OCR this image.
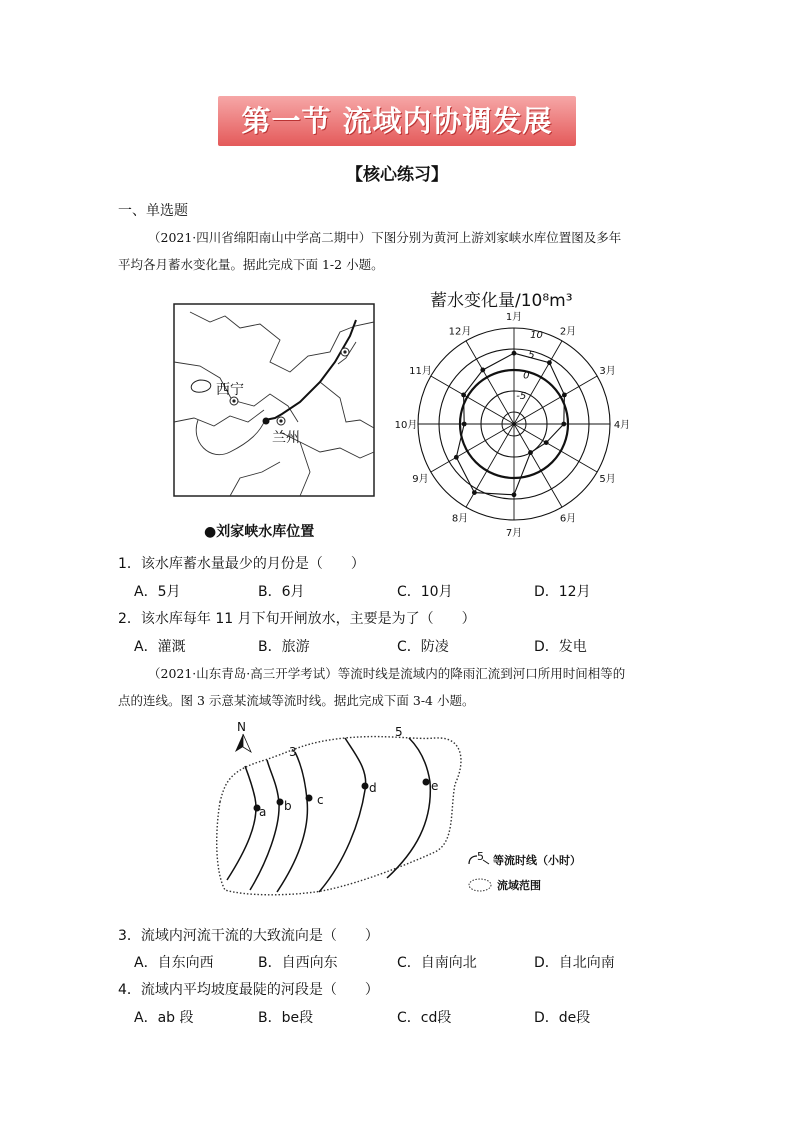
第一节 流域内协调发展
【核心练习】
一、单选题
（2021·四川省绵阳南山中学高二期中）下图分别为黄河上游刘家峡水库位置图及多年
平均各月蓄水变化量。据此完成下面 1-2 小题。
西宁
兰州
●刘家峡水库位置
蓄水变化量/10⁸m³
1月
2月
3月
4月
5月
6月
7月
8月
9月
10月
11月
12月	10
5
0
-5
1．该水库蓄水量最少的月份是（　　）
A．5月	B．6月	C．10月	D．12月
2．该水库每年 11 月下旬开闸放水，主要是为了（　　）
A．灌溉	B．旅游	C．防凌	D．发电
（2021·山东青岛·高三开学考试）等流时线是流域内的降雨汇流到河口所用时间相等的
点的连线。图 3 示意某流域等流时线。据此完成下面 3-4 小题。
N
3
5
a b c
d	e
5 等流时线（小时）
流域范围
3．流域内河流干流的大致流向是（　　）
A．自东向西	B．自西向东	C．自南向北	D．自北向南
4．流域内平均坡度最陡的河段是（　　）
A．ab 段	B．be段	C．cd段	D．de段
